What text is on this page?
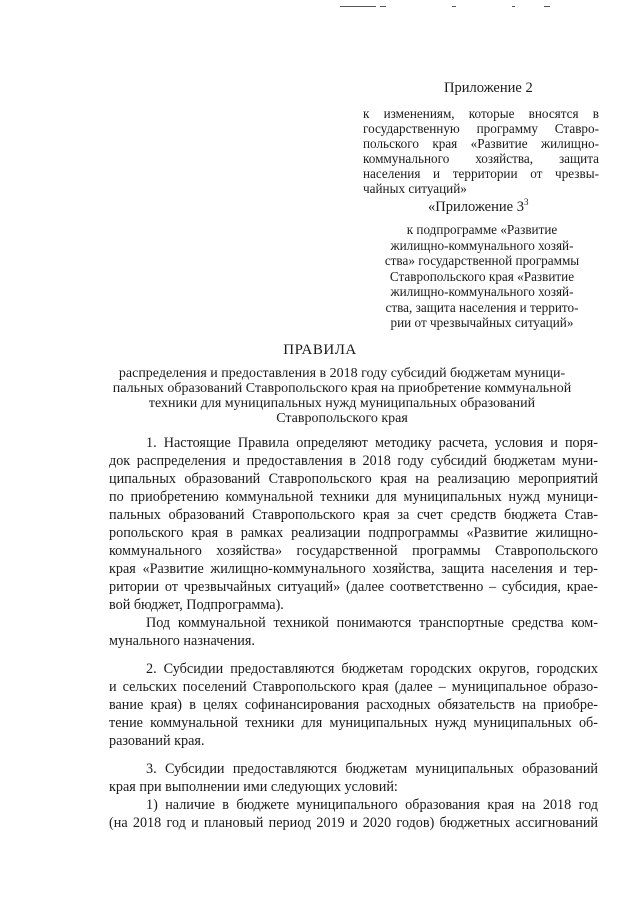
Приложение 2
к изменениям, которые вносятся в
государственную программу Ставро-
польского края «Развитие жилищно-
коммунального хозяйства, защита
населения и территории от чрезвы-
чайных ситуаций»
«Приложение $3^3$
к подпрограмме «Развитие
жилищно-коммунального хозяй-
ства» государственной программы
Ставропольского края «Развитие
жилищно-коммунального хозяй-
ства, защита населения и террито-
рии от чрезвычайных ситуаций»
ПРАВИЛА
распределения и предоставления в 2018 году субсидий бюджетам муници-
пальных образований Ставропольского края на приобретение коммунальной
техники для муниципальных нужд муниципальных образований
Ставропольского края
1. Настоящие Правила определяют методику расчета, условия и поря-
док распределения и предоставления в 2018 году субсидий бюджетам муни-
ципальных образований Ставропольского края на реализацию мероприятий
по приобретению коммунальной техники для муниципальных нужд муници-
пальных образований Ставропольского края за счет средств бюджета Став-
ропольского края в рамках реализации подпрограммы «Развитие жилищно-
коммунального хозяйства» государственной программы Ставропольского
края «Развитие жилищно-коммунального хозяйства, защита населения и тер-
ритории от чрезвычайных ситуаций» (далее соответственно – субсидия, крае-
вой бюджет, Подпрограмма).
Под коммунальной техникой понимаются транспортные средства ком-
мунального назначения.
2. Субсидии предоставляются бюджетам городских округов, городских
и сельских поселений Ставропольского края (далее – муниципальное образо-
вание края) в целях софинансирования расходных обязательств на приобре-
тение коммунальной техники для муниципальных нужд муниципальных об-
разований края.
3. Субсидии предоставляются бюджетам муниципальных образований
края при выполнении ими следующих условий:
1) наличие в бюджете муниципального образования края на 2018 год
(на 2018 год и плановый период 2019 и 2020 годов) бюджетных ассигнований
